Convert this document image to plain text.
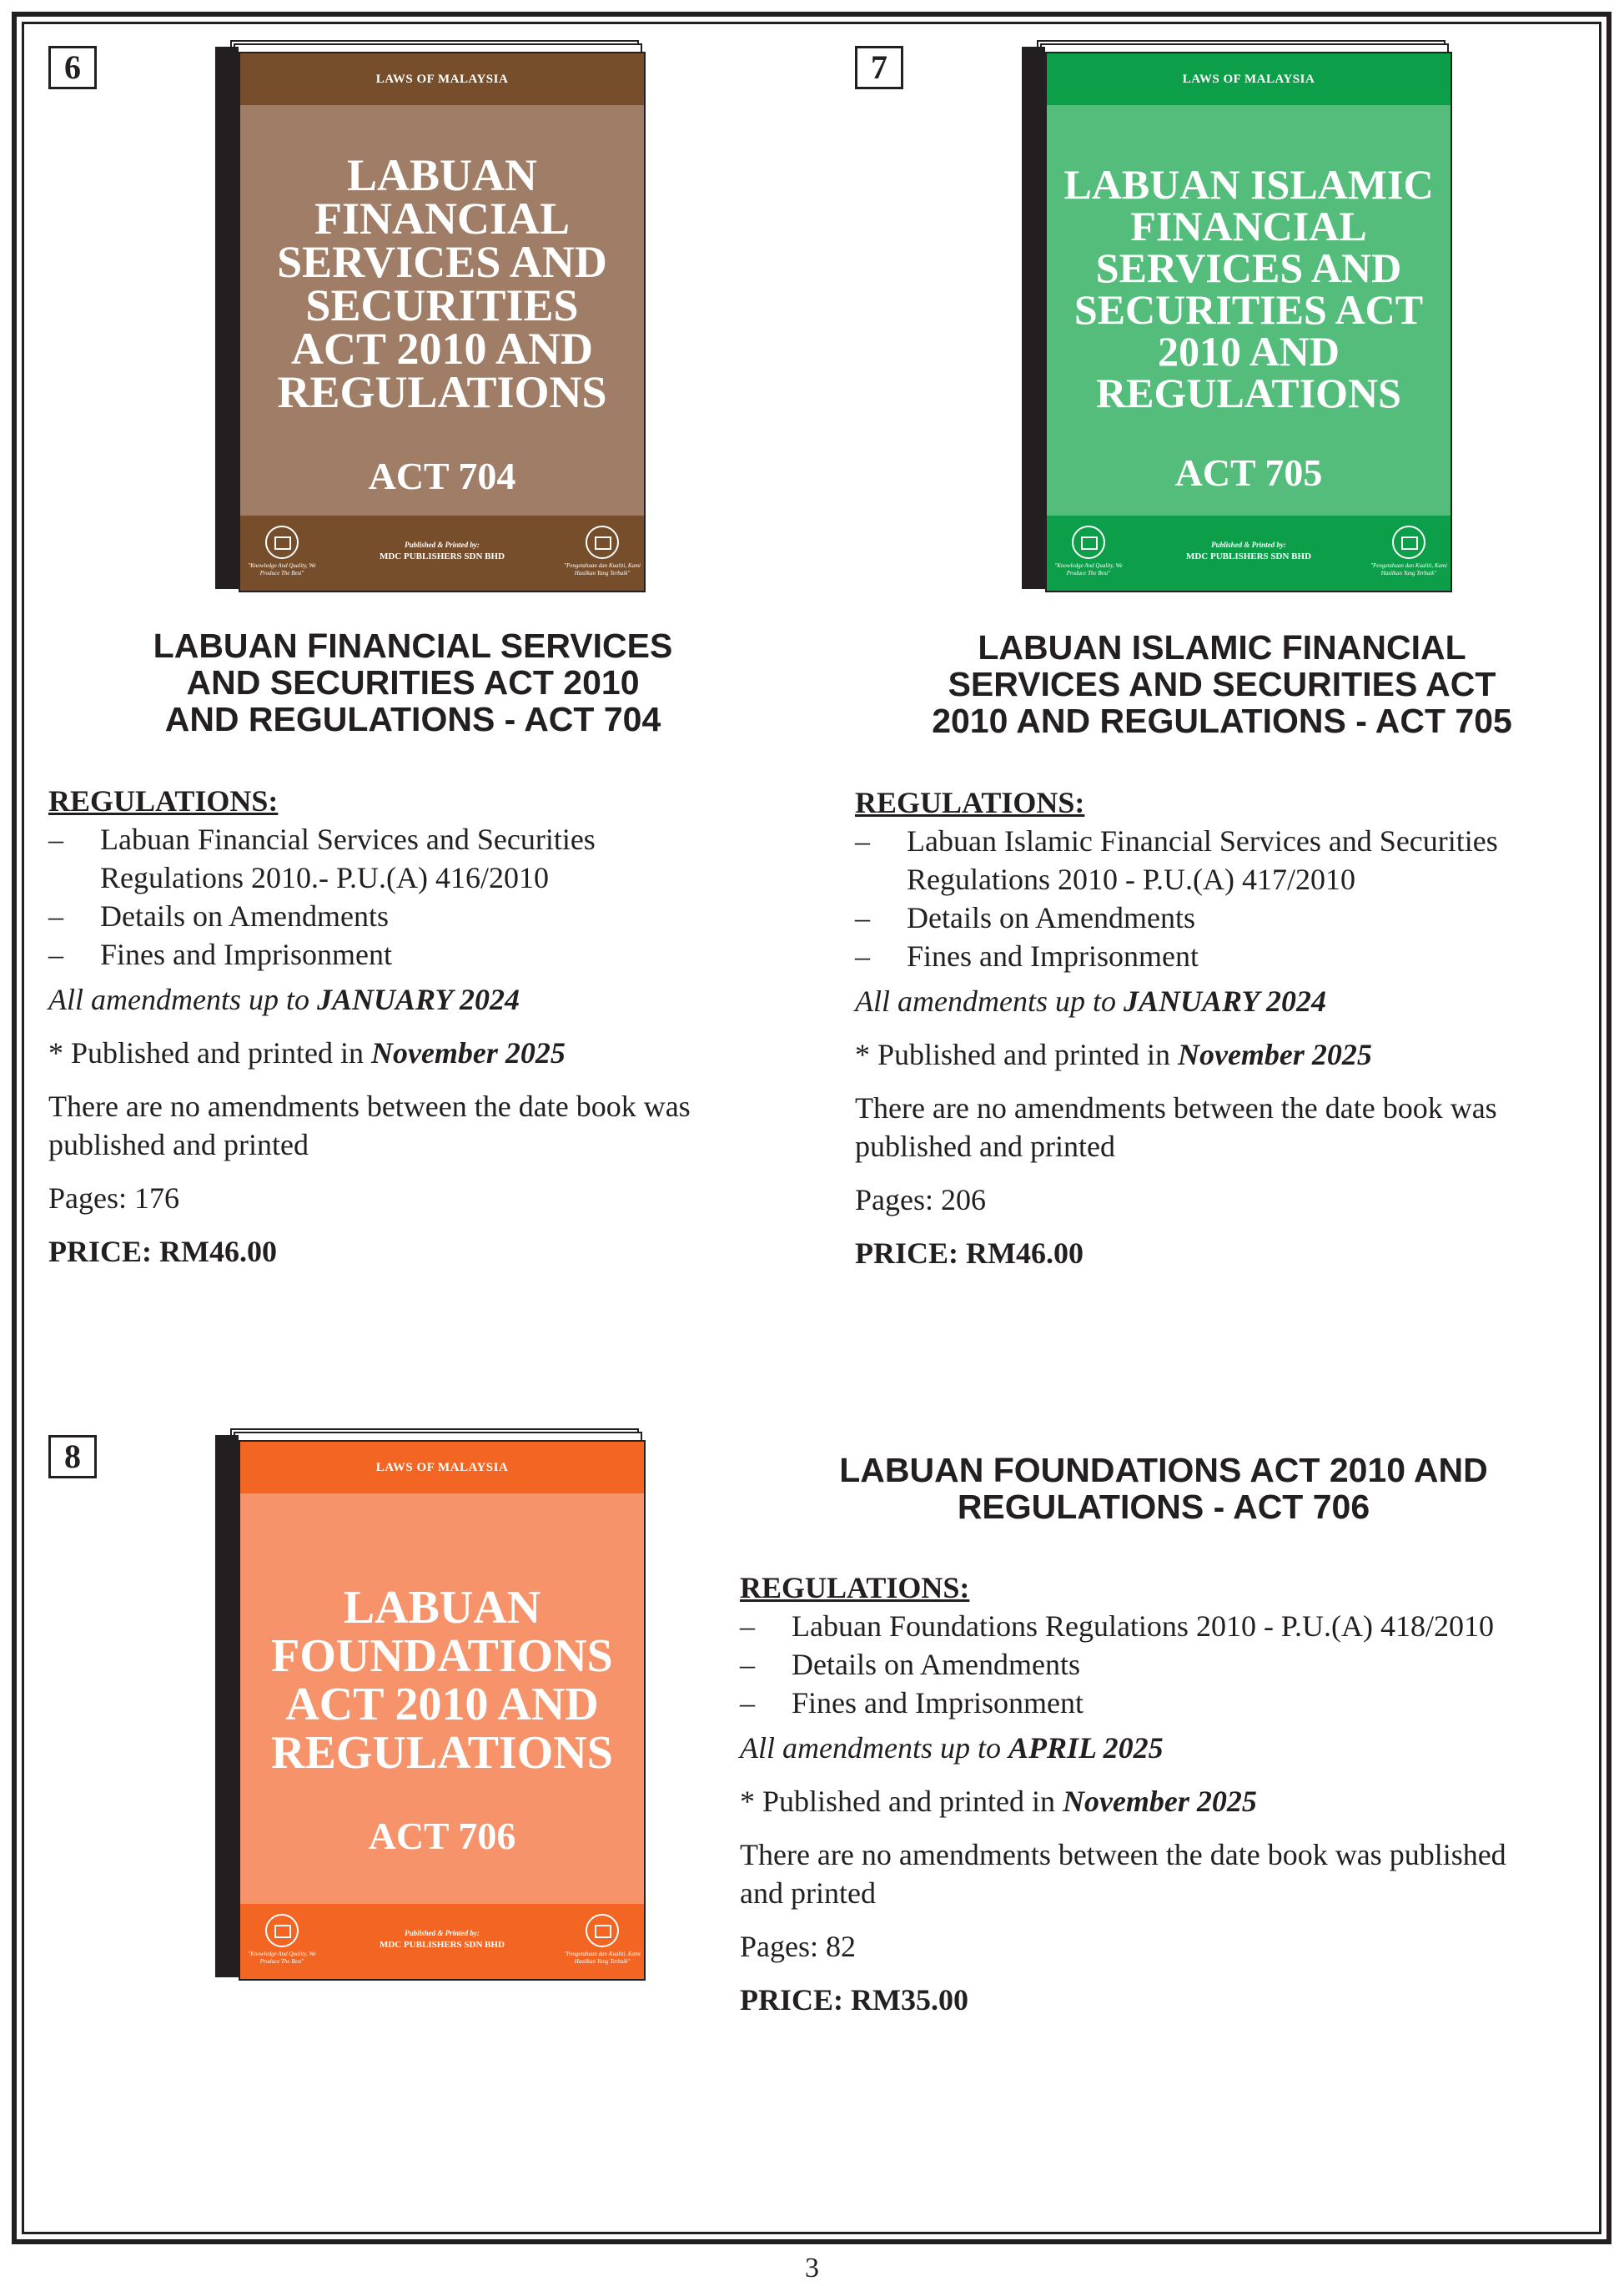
6	LAWS OF MALAYSIA
LABUAN
FINANCIAL
SERVICES AND
SECURITIES
ACT 2010 AND
REGULATIONS
ACT 704
"Knowledge And Quality, We Produce The Best"
Published & Printed by:
MDC PUBLISHERS SDN BHD
"Pengetahuan dan Kualiti, Kami Hasilkan Yang Terbaik"
LABUAN FINANCIAL SERVICES
AND SECURITIES ACT 2010
AND REGULATIONS - ACT 704
REGULATIONS:
– Labuan Financial Services and Securities
Regulations 2010.- P.U.(A) 416/2010
– Details on Amendments
– Fines and Imprisonment
All amendments up to JANUARY 2024
* Published and printed in November 2025
There are no amendments between the date book was
published and printed
Pages: 176
PRICE: RM46.00
7	LAWS OF MALAYSIA
LABUAN ISLAMIC
FINANCIAL
SERVICES AND
SECURITIES ACT
2010 AND
REGULATIONS
ACT 705
"Knowledge And Quality, We Produce The Best"
Published & Printed by:
MDC PUBLISHERS SDN BHD
"Pengetahuan dan Kualiti, Kami Hasilkan Yang Terbaik"
LABUAN ISLAMIC FINANCIAL
SERVICES AND SECURITIES ACT
2010 AND REGULATIONS - ACT 705
REGULATIONS:
– Labuan Islamic Financial Services and Securities
Regulations 2010 - P.U.(A) 417/2010
– Details on Amendments
– Fines and Imprisonment
All amendments up to JANUARY 2024
* Published and printed in November 2025
There are no amendments between the date book was
published and printed
Pages: 206
PRICE: RM46.00
8	LAWS OF MALAYSIA
LABUAN
FOUNDATIONS
ACT 2010 AND
REGULATIONS
ACT 706
"Knowledge And Quality, We Produce The Best"
Published & Printed by:
MDC PUBLISHERS SDN BHD
"Pengetahuan dan Kualiti, Kami Hasilkan Yang Terbaik"
LABUAN FOUNDATIONS ACT 2010 AND
REGULATIONS - ACT 706
REGULATIONS:
– Labuan Foundations Regulations 2010 - P.U.(A) 418/2010
– Details on Amendments
– Fines and Imprisonment
All amendments up to APRIL 2025
* Published and printed in November 2025
There are no amendments between the date book was published
and printed
Pages: 82
PRICE: RM35.00
3
